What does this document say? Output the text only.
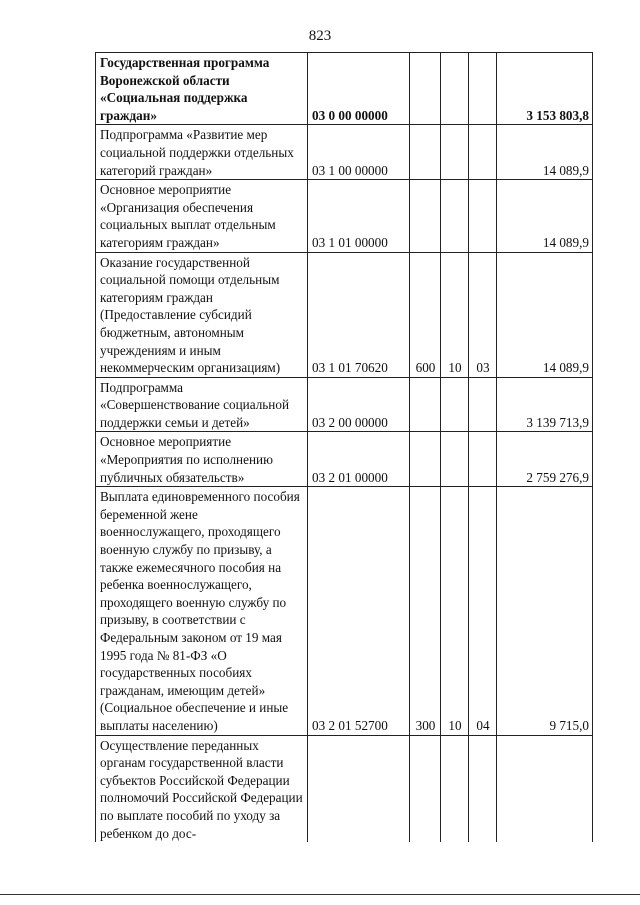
823
Государственная программа Воронежской области «Социальная поддержка граждан»	03 0 00 00000				3 153 803,8
Подпрограмма «Развитие мер социальной поддержки отдельных категорий граждан»	03 1 00 00000				14 089,9
Основное мероприятие «Организация обеспечения социальных выплат отдельным категориям граждан»	03 1 01 00000				14 089,9
Оказание государственной социальной помощи отдельным категориям граждан (Предоставление субсидий бюджетным, автономным учреждениям и иным некоммерческим организациям)	03 1 01 70620	600	10	03	14 089,9
Подпрограмма «Совершенствование социальной поддержки семьи и детей»	03 2 00 00000				3 139 713,9
Основное мероприятие «Мероприятия по исполнению публичных обязательств»	03 2 01 00000				2 759 276,9
Выплата единовременного пособия беременной жене военнослужащего, проходящего военную службу по призыву, а также ежемесячного пособия на ребенка военнослужащего, проходящего военную службу по призыву, в соответствии с Федеральным законом от 19 мая 1995 года № 81-ФЗ «О государственных пособиях гражданам, имеющим детей» (Социальное обеспечение и иные выплаты населению)	03 2 01 52700	300	10	04	9 715,0
Осуществление переданных органам государственной власти субъектов Российской Федерации полномочий Российской Федерации по выплате пособий по уходу за ребенком до дос-					
